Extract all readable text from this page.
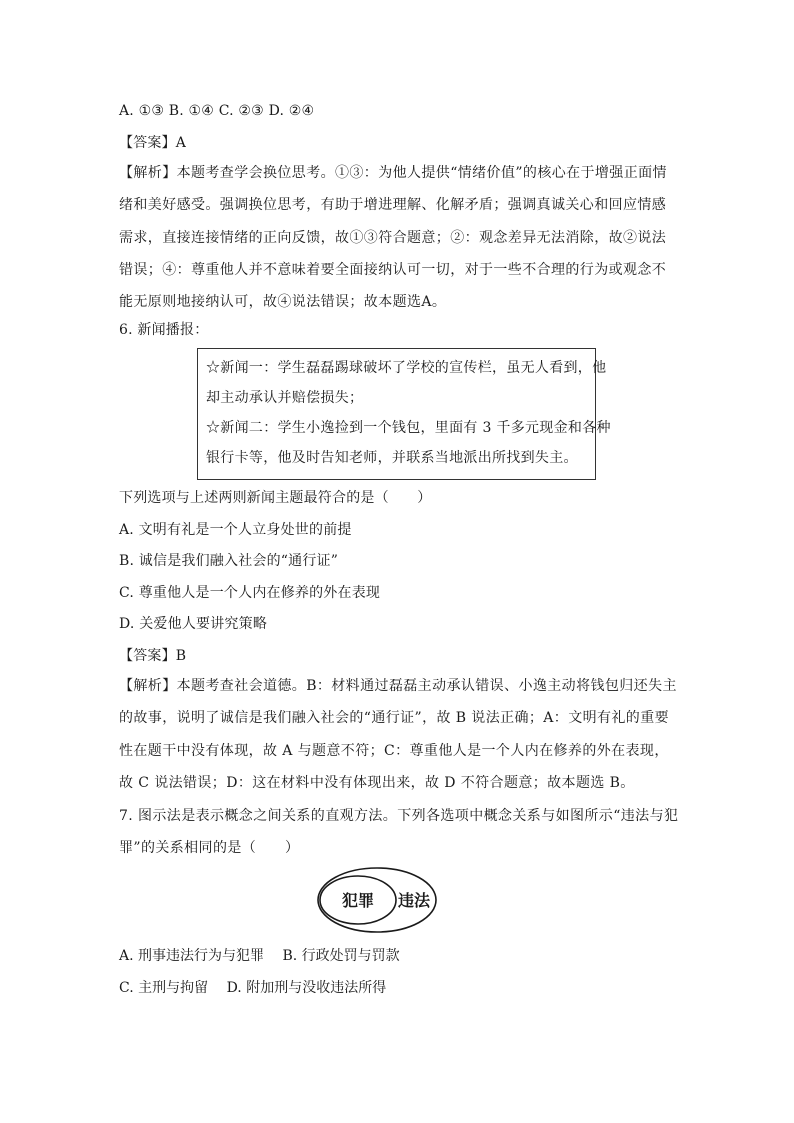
A. ①③ B. ①④ C. ②③ D. ②④
【答案】A
【解析】本题考查学会换位思考。①③：为他人提供“情绪价值”的核心在于增强正面情绪和美好感受。强调换位思考，有助于增进理解、化解矛盾；强调真诚关心和回应情感需求，直接连接情绪的正向反馈，故①③符合题意；②：观念差异无法消除，故②说法错误；④：尊重他人并不意味着要全面接纳认可一切，对于一些不合理的行为或观念不能无原则地接纳认可，故④说法错误；故本题选A。
6. 新闻播报：
☆新闻一：学生磊磊踢球破坏了学校的宣传栏，虽无人看到，他
却主动承认并赔偿损失；
☆新闻二：学生小逸捡到一个钱包，里面有 3 千多元现金和各种
银行卡等，他及时告知老师，并联系当地派出所找到失主。
下列选项与上述两则新闻主题最符合的是（　　）
A. 文明有礼是一个人立身处世的前提
B. 诚信是我们融入社会的“通行证”
C. 尊重他人是一个人内在修养的外在表现
D. 关爱他人要讲究策略
【答案】B
【解析】本题考查社会道德。B：材料通过磊磊主动承认错误、小逸主动将钱包归还失主的故事，说明了诚信是我们融入社会的“通行证”，故 B 说法正确；A：文明有礼的重要性在题干中没有体现，故 A 与题意不符；C：尊重他人是一个人内在修养的外在表现，故 C 说法错误；D：这在材料中没有体现出来，故 D 不符合题意；故本题选 B。
7. 图示法是表示概念之间关系的直观方法。下列各选项中概念关系与如图所示“违法与犯罪”的关系相同的是（　　）
犯罪 违法
A. 刑事违法行为与犯罪　 B. 行政处罚与罚款
C. 主刑与拘留　 D. 附加刑与没收违法所得
